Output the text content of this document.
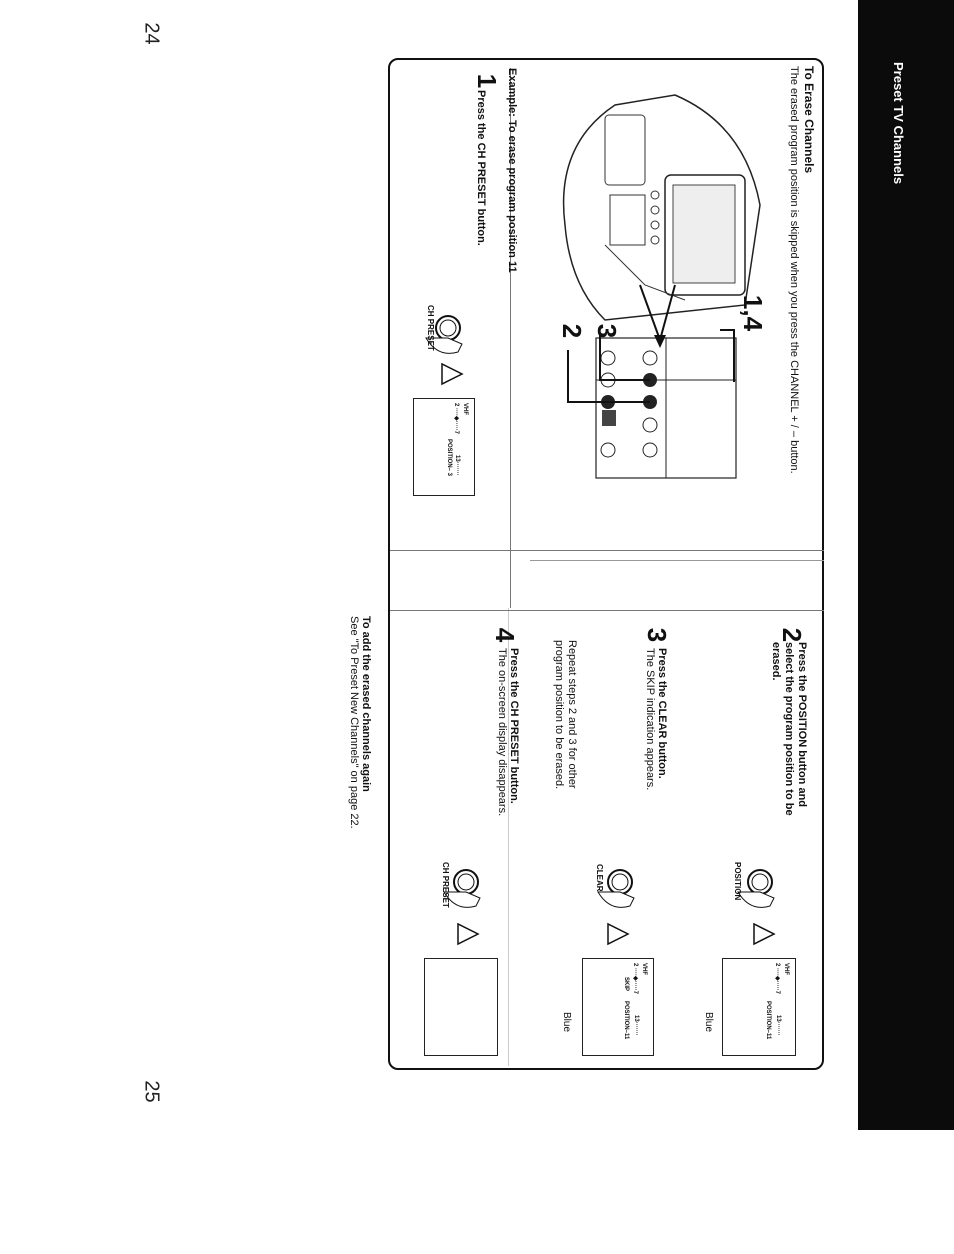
Preset TV Channels
24
25
To Erase Channels
The erased program position is skipped when you press the CHANNEL + / – button.
1,4
3
2
Example: To erase program position 11
1
Press the CH PRESET button.
CH PRESET
VHF
2 ····◆·····7
13·······
POSITION– 3
2
Press the POSITION button and select the program position to be erased.
POSITION
VHF
2 ····◆·····7
13·······
POSITION–11
Blue
3
Press the CLEAR button.
The SKIP indication appears.
Repeat steps 2 and 3 for other program position to be erased.
CLEAR
VHF
2 ····◆·····7
13·······
SKIP
POSITION–11
Blue
4
Press the CH PRESET button.
The on-screen display disappears.
CH PRESET
To add the erased channels again
See "To Preset New Channels" on page 22.
